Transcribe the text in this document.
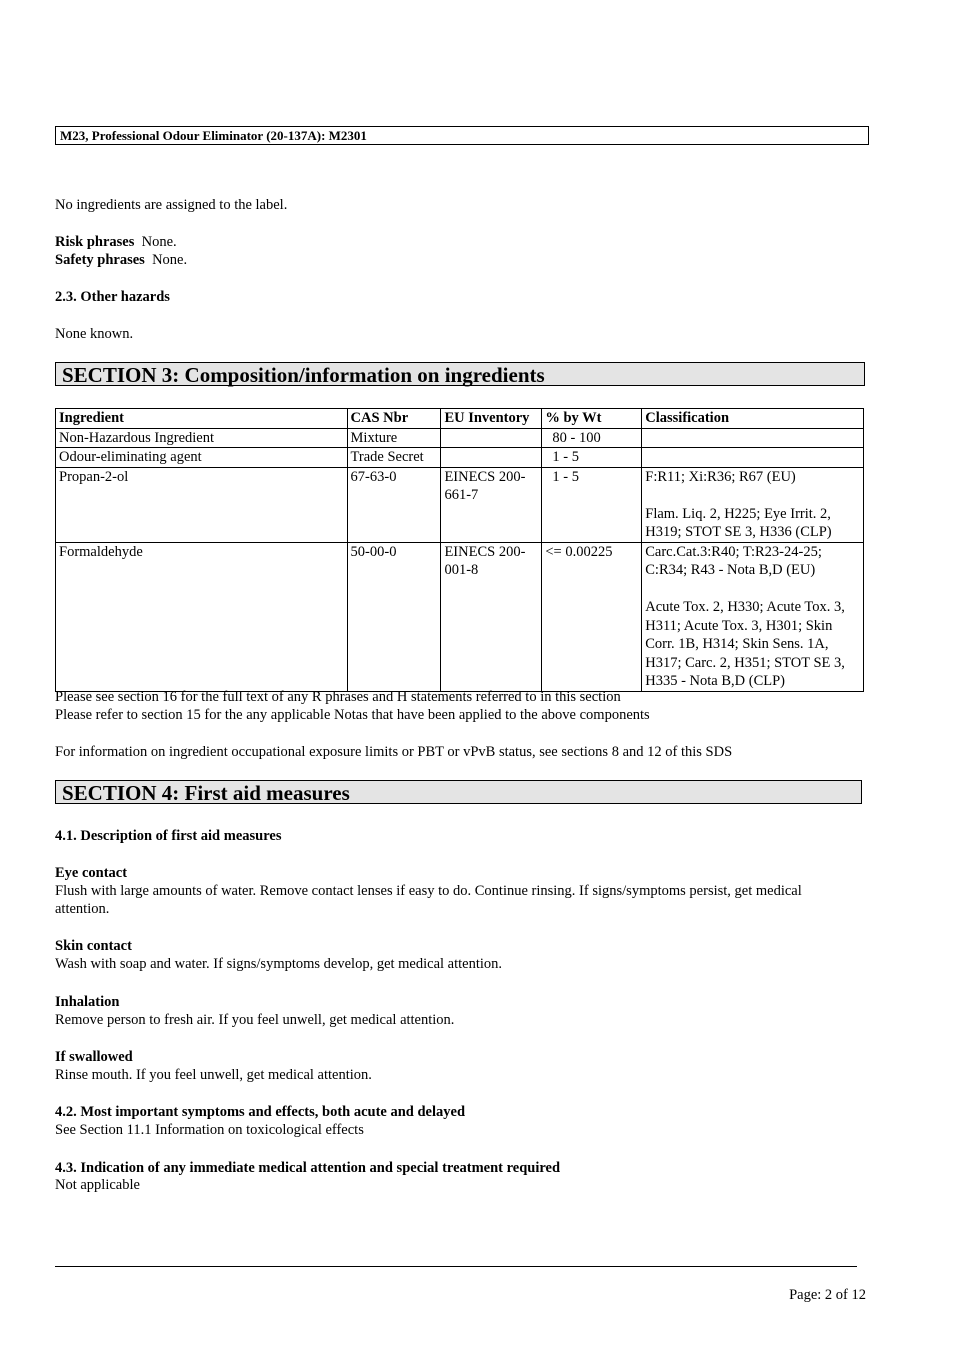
M23, Professional Odour Eliminator (20-137A): M2301
No ingredients are assigned to the label.
Risk phrases None.
Safety phrases None.
2.3. Other hazards
None known.
SECTION 3: Composition/information on ingredients
Ingredient	CAS Nbr	EU Inventory	% by Wt	Classification
Non-Hazardous Ingredient	Mixture		80 - 100	
Odour-eliminating agent	Trade Secret		1 - 5	
Propan-2-ol	67-63-0	EINECS 200-661-7	1 - 5	F:R11; Xi:R36; R67 (EU)
Flam. Liq. 2, H225; Eye Irrit. 2, H319; STOT SE 3, H336 (CLP)

Formaldehyde	50-00-0	EINECS 200-001-8	<= 0.00225	Carc.Cat.3:R40; T:R23-24-25; C:R34; R43 - Nota B,D (EU)
Acute Tox. 2, H330; Acute Tox. 3, H311; Acute Tox. 3, H301; Skin Corr. 1B, H314; Skin Sens. 1A, H317; Carc. 2, H351; STOT SE 3, H335 - Nota B,D (CLP)
Please see section 16 for the full text of any R phrases and H statements referred to in this section
Please refer to section 15 for the any applicable Notas that have been applied to the above components
For information on ingredient occupational exposure limits or PBT or vPvB status, see sections 8 and 12 of this SDS
SECTION 4: First aid measures
4.1. Description of first aid measures
Eye contact
Flush with large amounts of water. Remove contact lenses if easy to do. Continue rinsing. If signs/symptoms persist, get medical attention.
Skin contact
Wash with soap and water. If signs/symptoms develop, get medical attention.
Inhalation
Remove person to fresh air. If you feel unwell, get medical attention.
If swallowed
Rinse mouth. If you feel unwell, get medical attention.
4.2. Most important symptoms and effects, both acute and delayed
See Section 11.1 Information on toxicological effects
4.3. Indication of any immediate medical attention and special treatment required
Not applicable
Page: 2 of 12
